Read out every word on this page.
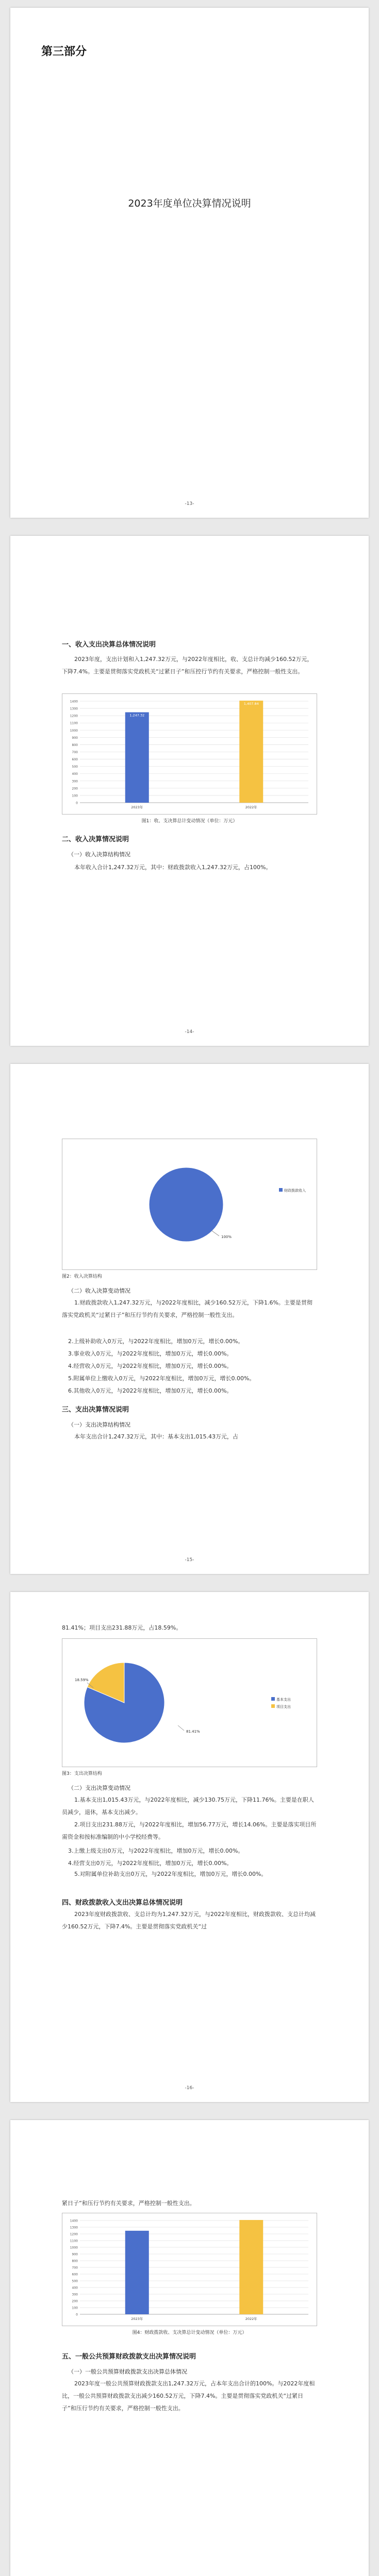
第三部分
2023年度单位决算情况说明
-13-
一、收入支出决算总体情况说明
2023年度，支出计划和入1,247.32万元，与2022年度相比，收、支总计均减少160.52万元，下降7.4%。主要是贯彻落实党政机关“过紧日子”和压控行节约有关要求，严格控制一般性支出。
0
100
200
300
400
500
600
700
800
900
1000
1100
1200
1300
1400
2023年
1,247.32
2022年
1,407.84
图1：收、支决算总计变动情况（单位：万元）
二、收入决算情况说明
（一）收入决算结构情况
本年收入合计1,247.32万元，其中：财政拨款收入1,247.32万元，占100%。
-14-
100%
财政拨款收入
图2：收入决算结构
（二）收入决算变动情况
1.财政拨款收入1,247.32万元，与2022年度相比，减少160.52万元，下降1.6%。主要是贯彻落实党政机关“过紧日子”和压行节约有关要求，严格控制一般性支出。
2.上级补助收入0万元，与2022年度相比，增加0万元，增长0.00%。
3.事业收入0万元，与2022年度相比，增加0万元，增长0.00%。
4.经营收入0万元，与2022年度相比，增加0万元，增长0.00%。
5.附属单位上缴收入0万元，与2022年度相比，增加0万元，增长0.00%。
6.其他收入0万元，与2022年度相比，增加0万元，增长0.00%。
三、支出决算情况说明
（一）支出决算结构情况
本年支出合计1,247.32万元，其中：基本支出1,015.43万元，占
-15-
81.41%；项目支出231.88万元，占18.59%。
18.59%
81.41%
基本支出
项目支出
图3：支出决算结构
（二）支出决算变动情况
1.基本支出1,015.43万元，与2022年度相比，减少130.75万元，下降11.76%。主要是在职人员减少，退休，基本支出减少。
2.项目支出231.88万元，与2022年度相比，增加56.77万元，增长14.06%。主要是落实项目所需资金和按标准编制的中小学校经费等。
3.上缴上级支出0万元，与2022年度相比，增加0万元，增长0.00%。
4.经营支出0万元，与2022年度相比，增加0万元，增长0.00%。
5.对附属单位补助支出0万元，与2022年度相比，增加0万元，增长0.00%。
四、财政拨款收入支出决算总体情况说明
2023年度财政拨款收、支总计均为1,247.32万元，与2022年度相比，财政拨款收、支总计均减少160.52万元，下降7.4%。主要是贯彻落实党政机关“过
-16-
紧日子”和压行节约有关要求，严格控制一般性支出。
0
100
200
300
400
500
600
700
800
900
1000
1100
1200
1300
1400
2023年	2022年
图4：财政拨款收、支决算总计变动情况（单位：万元）
五、一般公共预算财政拨款支出决算情况说明
（一）一般公共预算财政拨款支出决算总体情况
2023年度一般公共预算财政拨款支出1,247.32万元，占本年支出合计的100%。与2022年度相比，一般公共预算财政拨款支出减少160.52万元，下降7.4%。主要是贯彻落实党政机关“过紧日子”和压行节约有关要求，严格控制一般性支出。
